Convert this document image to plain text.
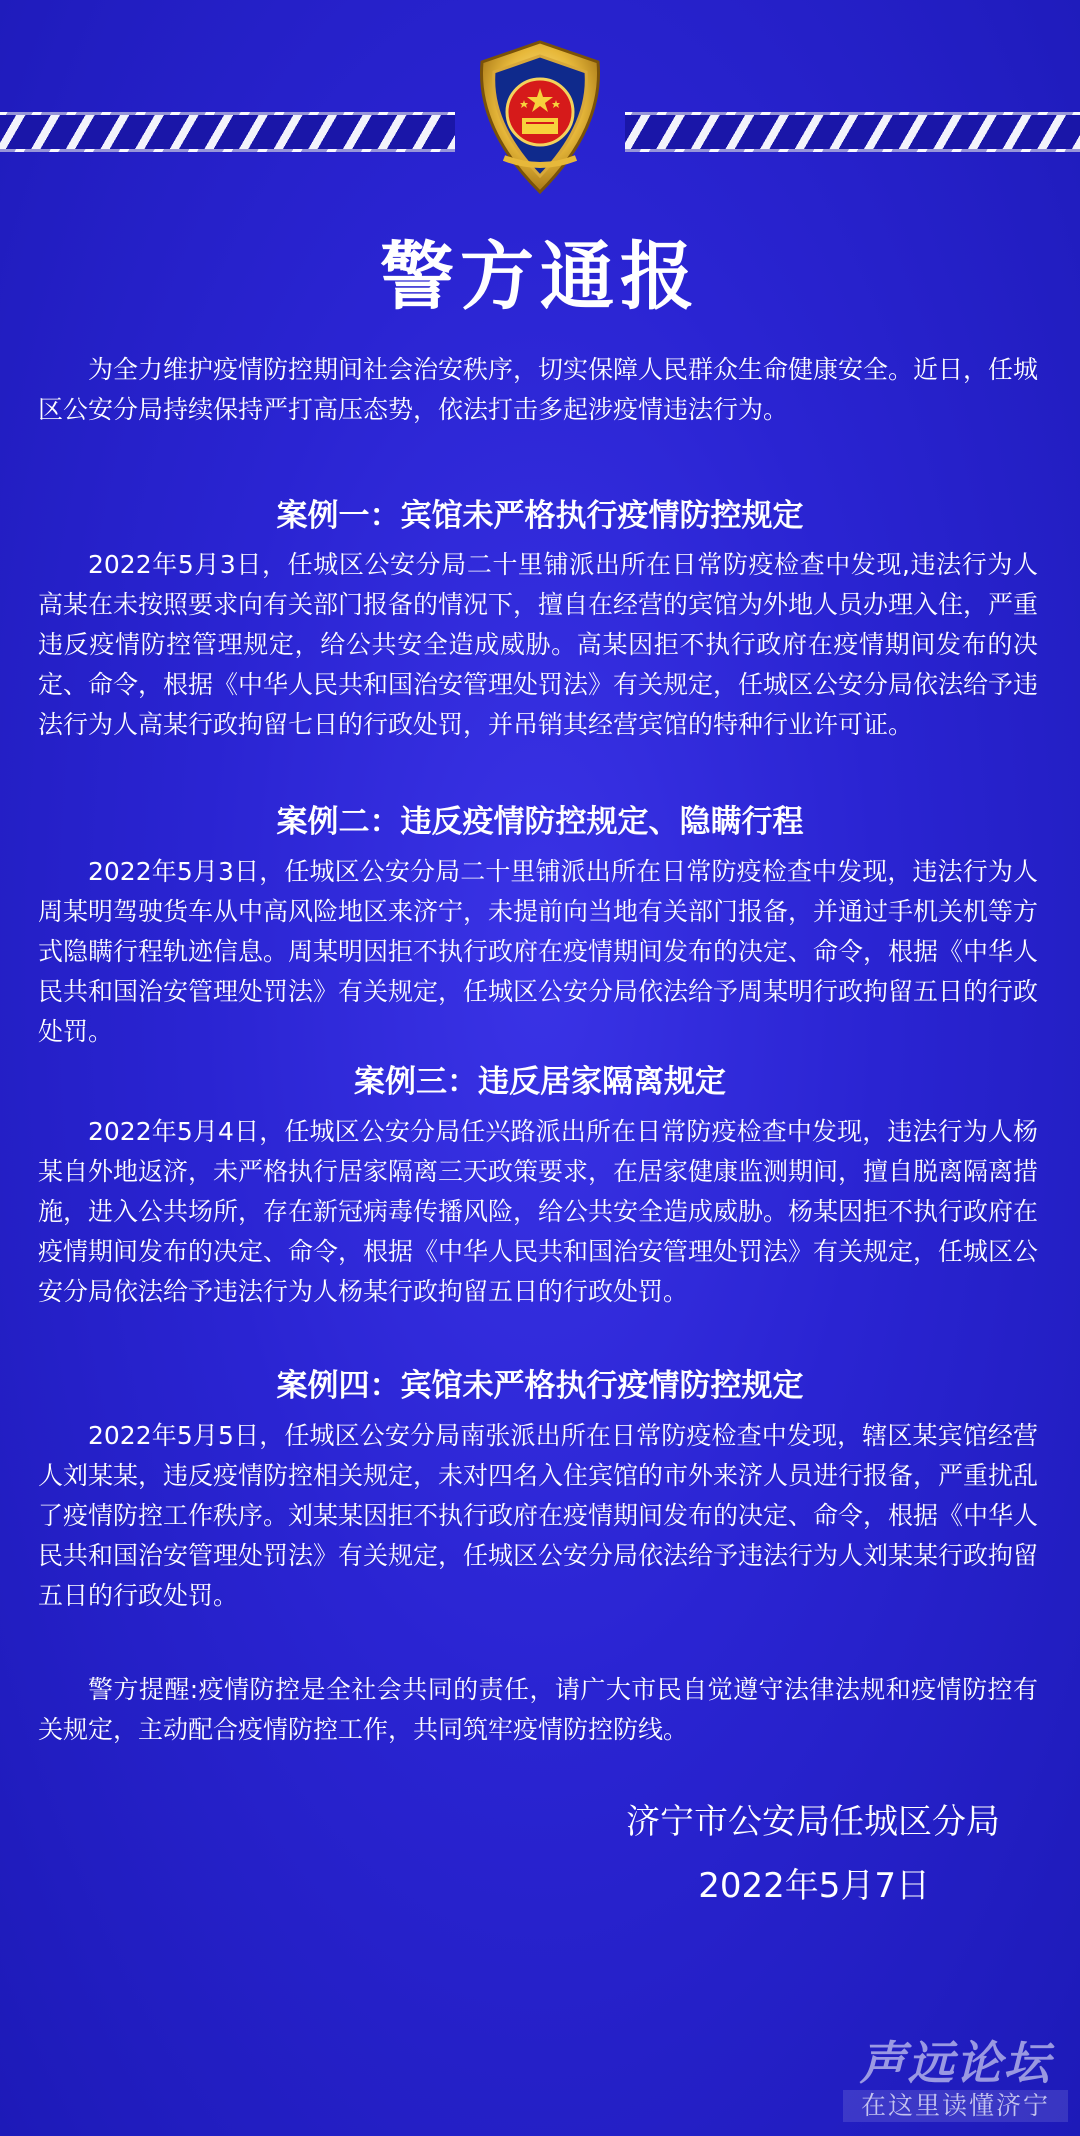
警方通报

为全力维护疫情防控期间社会治安秩序，切实保障人民群众生命健康安全。近日，任城区公安分局持续保持严打高压态势，依法打击多起涉疫情违法行为。

案例一：宾馆未严格执行疫情防控规定

2022年5月3日，任城区公安分局二十里铺派出所在日常防疫检查中发现,违法行为人高某在未按照要求向有关部门报备的情况下，擅自在经营的宾馆为外地人员办理入住，严重违反疫情防控管理规定，给公共安全造成威胁。高某因拒不执行政府在疫情期间发布的决定、命令，根据《中华人民共和国治安管理处罚法》有关规定，任城区公安分局依法给予违法行为人高某行政拘留七日的行政处罚，并吊销其经营宾馆的特种行业许可证。

案例二：违反疫情防控规定、隐瞒行程

2022年5月3日，任城区公安分局二十里铺派出所在日常防疫检查中发现，违法行为人周某明驾驶货车从中高风险地区来济宁，未提前向当地有关部门报备，并通过手机关机等方式隐瞒行程轨迹信息。周某明因拒不执行政府在疫情期间发布的决定、命令，根据《中华人民共和国治安管理处罚法》有关规定，任城区公安分局依法给予周某明行政拘留五日的行政处罚。

案例三：违反居家隔离规定

2022年5月4日，任城区公安分局任兴路派出所在日常防疫检查中发现，违法行为人杨某自外地返济，未严格执行居家隔离三天政策要求，在居家健康监测期间，擅自脱离隔离措施，进入公共场所，存在新冠病毒传播风险，给公共安全造成威胁。杨某因拒不执行政府在疫情期间发布的决定、命令，根据《中华人民共和国治安管理处罚法》有关规定，任城区公安分局依法给予违法行为人杨某行政拘留五日的行政处罚。

案例四：宾馆未严格执行疫情防控规定

2022年5月5日，任城区公安分局南张派出所在日常防疫检查中发现，辖区某宾馆经营人刘某某，违反疫情防控相关规定，未对四名入住宾馆的市外来济人员进行报备，严重扰乱了疫情防控工作秩序。刘某某因拒不执行政府在疫情期间发布的决定、命令，根据《中华人民共和国治安管理处罚法》有关规定，任城区公安分局依法给予违法行为人刘某某行政拘留五日的行政处罚。

警方提醒:疫情防控是全社会共同的责任，请广大市民自觉遵守法律法规和疫情防控有关规定，主动配合疫情防控工作，共同筑牢疫情防控防线。

济宁市公安局任城区分局
2022年5月7日
声远论坛
在这里读懂济宁
